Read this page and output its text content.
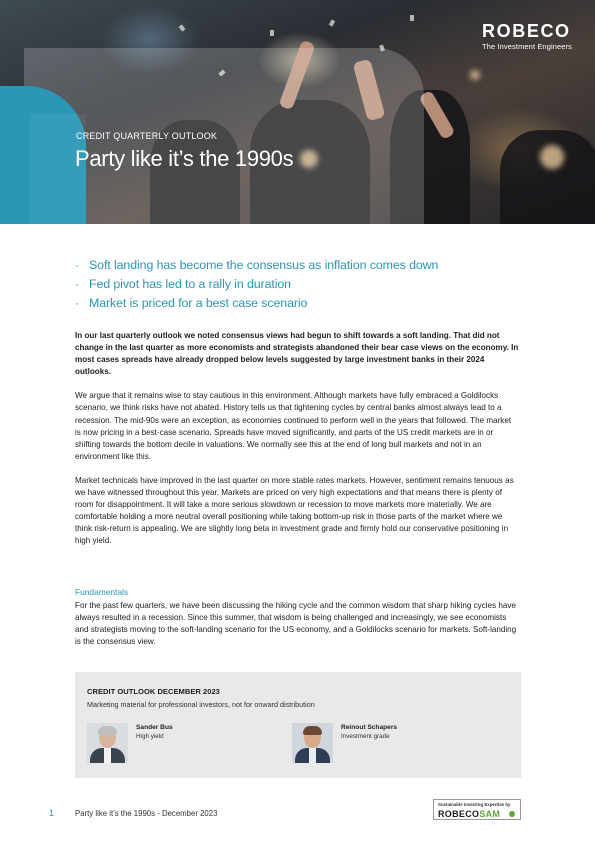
CREDIT QUARTERLY OUTLOOK
Party like it’s the 1990s
ROBECO
The Investment Engineers
· Soft landing has become the consensus as inflation comes down
· Fed pivot has led to a rally in duration
· Market is priced for a best case scenario

In our last quarterly outlook we noted consensus views had begun to shift towards a soft landing. That did not change in the last quarter as more economists and strategists abandoned their bear case views on the economy. In most cases spreads have already dropped below levels suggested by large investment banks in their 2024 outlooks.

We argue that it remains wise to stay cautious in this environment. Although markets have fully embraced a Goldilocks scenario, we think risks have not abated. History tells us that tightening cycles by central banks almost always lead to a recession. The mid-90s were an exception, as economies continued to perform well in the years that followed. The market is now pricing in a best-case scenario. Spreads have moved significantly, and parts of the US credit markets are in or shifting towards the bottom decile in valuations. We normally see this at the end of long bull markets and not in an environment like this.

Market technicals have improved in the last quarter on more stable rates markets. However, sentiment remains tenuous as we have witnessed throughout this year. Markets are priced on very high expectations and that means there is plenty of room for disappointment. It will take a more serious slowdown or recession to move markets more materially. We are comfortable holding a more neutral overall positioning while taking bottom-up risk in those parts of the market where we think risk-return is appealing. We are slightly long beta in investment grade and firmly hold our conservative positioning in high yield.

Fundamentals

For the past few quarters, we have been discussing the hiking cycle and the common wisdom that sharp hiking cycles have always resulted in a recession. Since this summer, that wisdom is being challenged and increasingly, we see economists and strategists moving to the soft-landing scenario for the US economy, and a Goldilocks scenario for markets. Soft-landing is the consensus view.

CREDIT OUTLOOK DECEMBER 2023
Marketing material for professional investors, not for onward distribution
Sander Bus
High yield
Reinout Schapers
Investment grade
1	Party like it’s the 1990s - December 2023
Sustainable Investing Expertise by
ROBECOSAM
